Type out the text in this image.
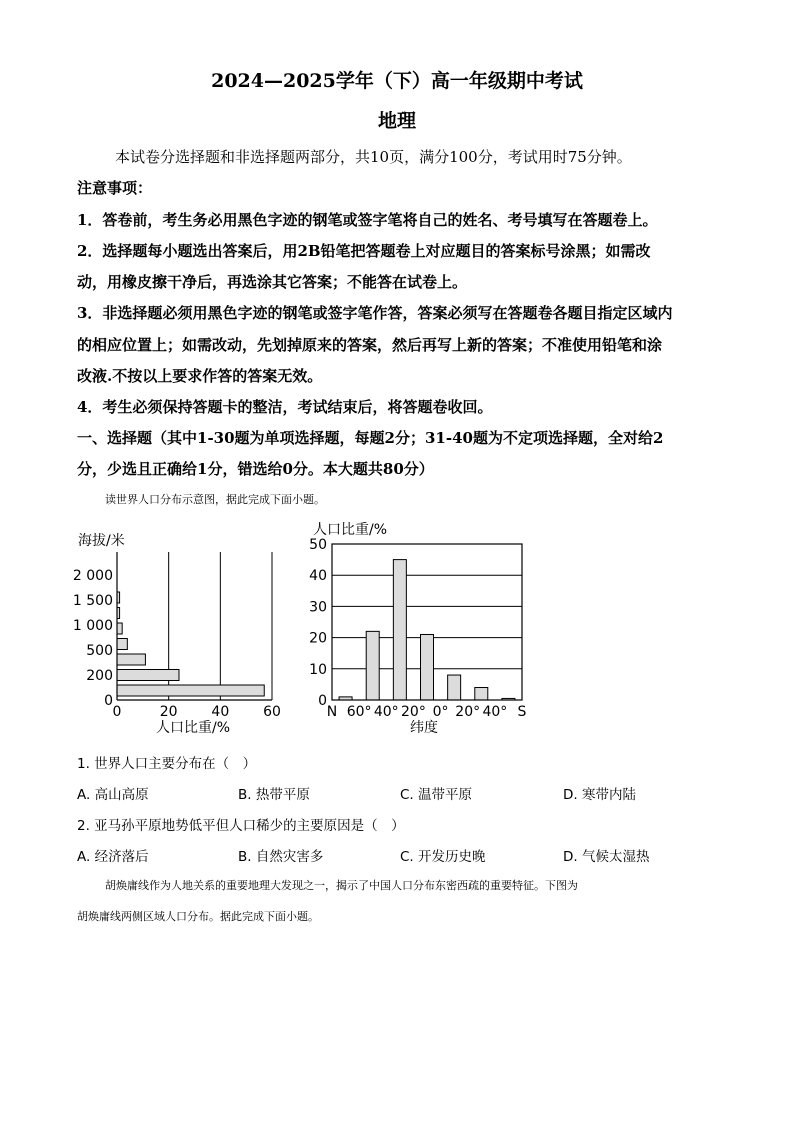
2024—2025学年（下）高一年级期中考试
地理
本试卷分选择题和非选择题两部分，共10页，满分100分，考试用时75分钟。
注意事项：
1．答卷前，考生务必用黑色字迹的钢笔或签字笔将自己的姓名、考号填写在答题卷上。
2．选择题每小题选出答案后，用2B铅笔把答题卷上对应题目的答案标号涂黑；如需改
动，用橡皮擦干净后，再选涂其它答案；不能答在试卷上。
3．非选择题必须用黑色字迹的钢笔或签字笔作答，答案必须写在答题卷各题目指定区域内
的相应位置上；如需改动，先划掉原来的答案，然后再写上新的答案；不准使用铅笔和涂
改液.不按以上要求作答的答案无效。
4．考生必须保持答题卡的整洁，考试结束后，将答题卷收回。
一、选择题（其中1-30题为单项选择题，每题2分；31-40题为不定项选择题，全对给2
分，少选且正确给1分，错选给0分。本大题共80分）
读世界人口分布示意图，据此完成下面小题。
海拔/米
0
200
500
1 000
1 500
2 000
0	20 40 60
人口比重/%
人口比重/%
0
10
20
30
40
50
N 60° 40° 20° 0° 20° 40° S
纬度
1. 世界人口主要分布在（　）
A. 高山高原	B. 热带平原	C. 温带平原	D. 寒带内陆
2. 亚马孙平原地势低平但人口稀少的主要原因是（　）
A. 经济落后	B. 自然灾害多	C. 开发历史晚	D. 气候太湿热
胡焕庸线作为人地关系的重要地理大发现之一，揭示了中国人口分布东密西疏的重要特征。下图为
胡焕庸线两侧区域人口分布。据此完成下面小题。
